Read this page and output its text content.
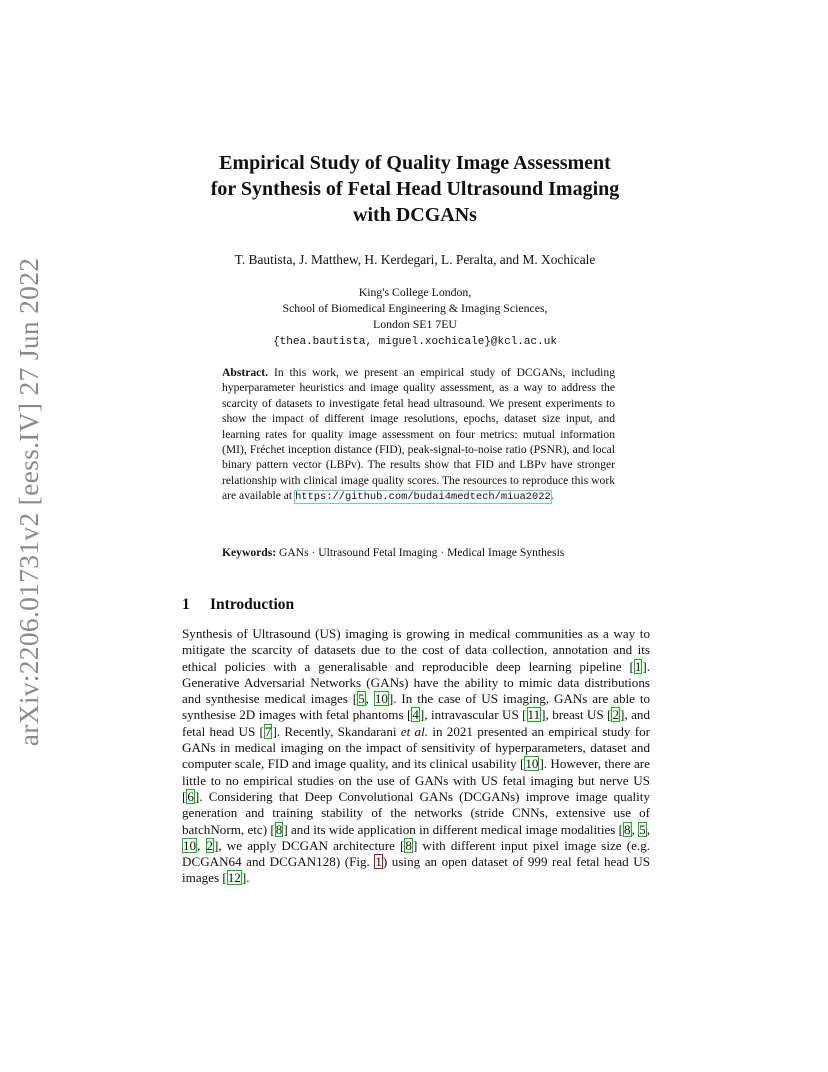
arXiv:2206.01731v2 [eess.IV] 27 Jun 2022
Empirical Study of Quality Image Assessment
for Synthesis of Fetal Head Ultrasound Imaging
with DCGANs
T. Bautista, J. Matthew, H. Kerdegari, L. Peralta, and M. Xochicale
King's College London,
School of Biomedical Engineering & Imaging Sciences,
London SE1 7EU
{thea.bautista, miguel.xochicale}@kcl.ac.uk
Abstract. In this work, we present an empirical study of DCGANs, including hyperparameter heuristics and image quality assessment, as a way to address the scarcity of datasets to investigate fetal head ultrasound. We present experiments to show the impact of different image resolutions, epochs, dataset size input, and learning rates for quality image assessment on four metrics: mutual information (MI), Fréchet inception distance (FID), peak-signal-to-noise ratio (PSNR), and local binary pattern vector (LBPv). The results show that FID and LBPv have stronger relationship with clinical image quality scores. The resources to reproduce this work are available at https://github.com/budai4medtech/miua2022.
Keywords: GANs · Ultrasound Fetal Imaging · Medical Image Synthesis
1 Introduction
Synthesis of Ultrasound (US) imaging is growing in medical communities as a way to mitigate the scarcity of datasets due to the cost of data collection, annotation and its ethical policies with a generalisable and reproducible deep learning pipeline [1]. Generative Adversarial Networks (GANs) have the ability to mimic data distributions and synthesise medical images [5, 10]. In the case of US imaging, GANs are able to synthesise 2D images with fetal phantoms [4], intravascular US [11], breast US [2], and fetal head US [7]. Recently, Skandarani et al. in 2021 presented an empirical study for GANs in medical imaging on the impact of sensitivity of hyperparameters, dataset and computer scale, FID and image quality, and its clinical usability [10]. However, there are little to no empirical studies on the use of GANs with US fetal imaging but nerve US [6]. Considering that Deep Convolutional GANs (DCGANs) improve image quality generation and training stability of the networks (stride CNNs, extensive use of batchNorm, etc) [8] and its wide application in different medical image modalities [8, 5, 10, 2], we apply DCGAN architecture [8] with different input pixel image size (e.g. DCGAN64 and DCGAN128) (Fig. 1) using an open dataset of 999 real fetal head US images [12].
